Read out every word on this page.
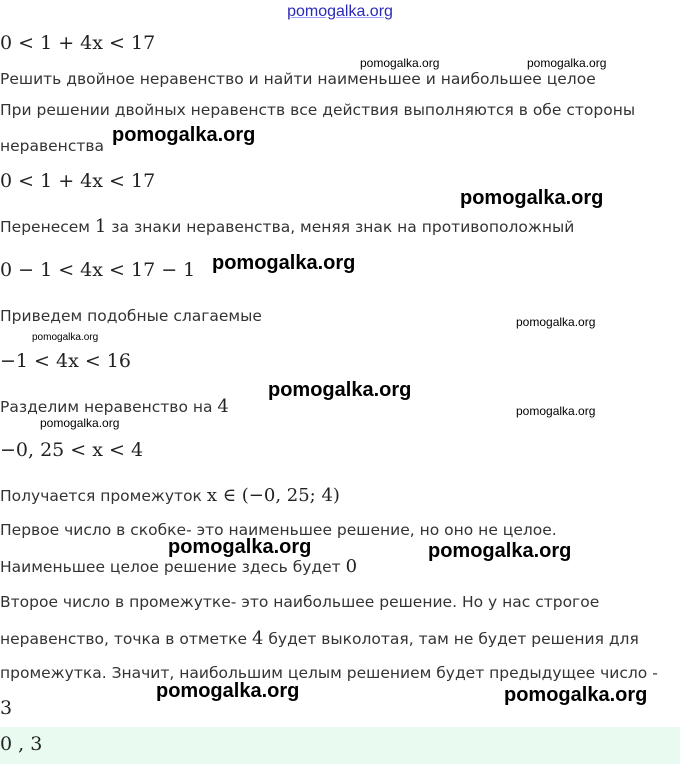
pomogalka.org
0 < 1 + 4x < 17
Решить двойное неравенство и найти наименьшее и наибольшее целое
При решении двойных неравенств все действия выполняются в обе стороны
неравенства
0 < 1 + 4x < 17
Перенесем 1 за знаки неравенства, меняя знак на противоположный
0 − 1 < 4x < 17 − 1
Приведем подобные слагаемые
−1 < 4x < 16
Разделим неравенство на 4
−0, 25 < x < 4
Получается промежуток x ∈ (−0, 25; 4)
Первое число в скобке- это наименьшее решение, но оно не целое.
Наименьшее целое решение здесь будет 0
Второе число в промежутке- это наибольшее решение. Но у нас строгое
неравенство, точка в отметке 4 будет выколотая, там не будет решения для
промежутка. Значит, наибольшим целым решением будет предыдущее число -
3
0 , 3
pomogalka.org	pomogalka.org
pomogalka.org
pomogalka.org
pomogalka.org
pomogalka.org
pomogalka.org
pomogalka.org
pomogalka.org
pomogalka.org
pomogalka.org	pomogalka.org
pomogalka.org	pomogalka.org
